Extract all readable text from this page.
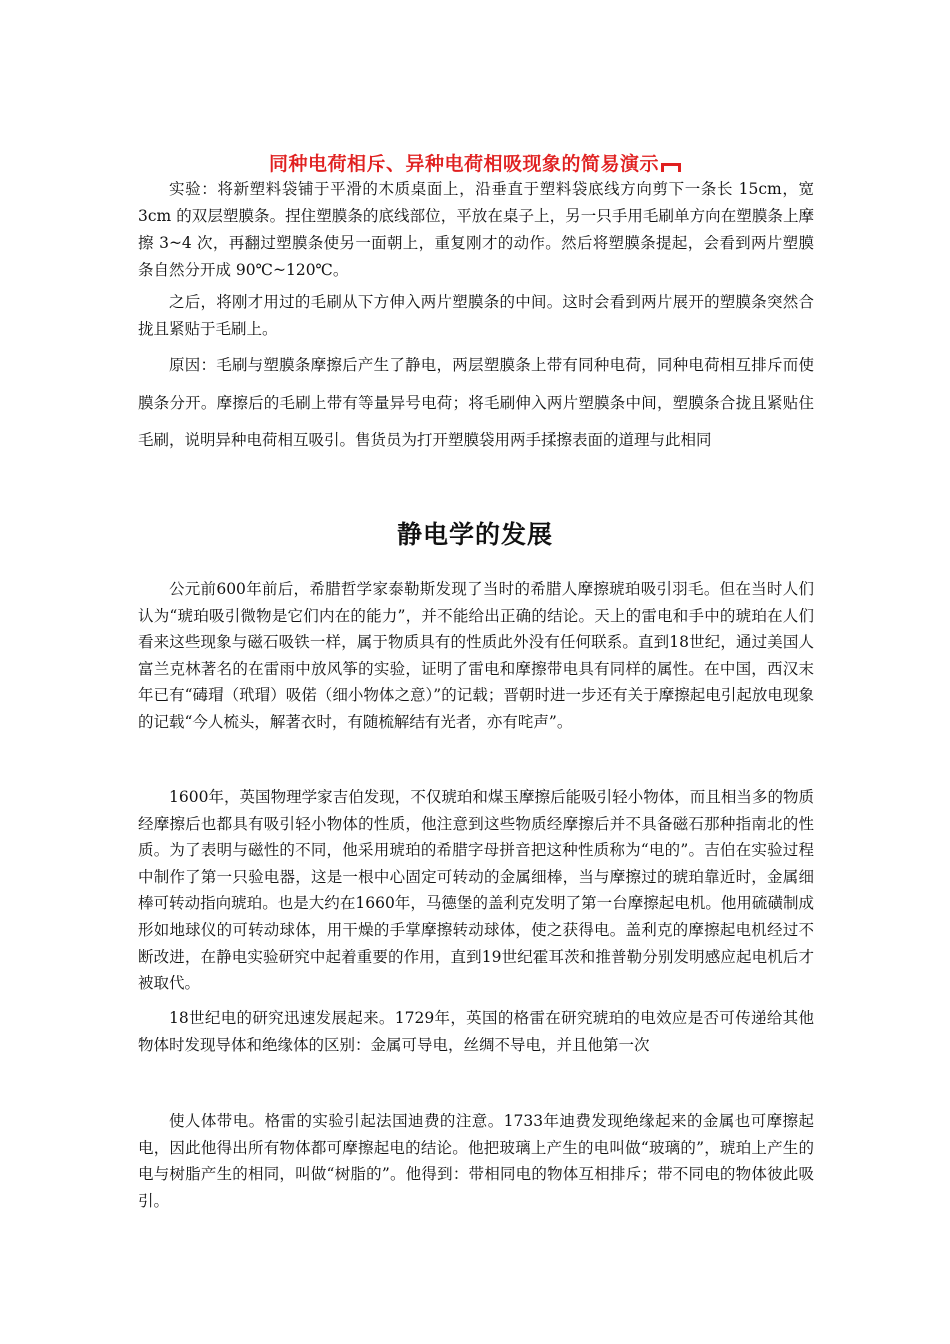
同种电荷相斥、异种电荷相吸现象的简易演示

实验：将新塑料袋铺于平滑的木质桌面上，沿垂直于塑料袋底线方向剪下一条长 15cm，宽 3cm 的双层塑膜条。捏住塑膜条的底线部位，平放在桌子上，另一只手用毛刷单方向在塑膜条上摩擦 3~4 次，再翻过塑膜条使另一面朝上，重复刚才的动作。然后将塑膜条提起，会看到两片塑膜条自然分开成 90℃~120℃。

之后，将刚才用过的毛刷从下方伸入两片塑膜条的中间。这时会看到两片展开的塑膜条突然合拢且紧贴于毛刷上。

原因：毛刷与塑膜条摩擦后产生了静电，两层塑膜条上带有同种电荷，同种电荷相互排斥而使膜条分开。摩擦后的毛刷上带有等量异号电荷；将毛刷伸入两片塑膜条中间，塑膜条合拢且紧贴住毛刷，说明异种电荷相互吸引。售货员为打开塑膜袋用两手揉擦表面的道理与此相同

静电学的发展

公元前600年前后，希腊哲学家泰勒斯发现了当时的希腊人摩擦琥珀吸引羽毛。但在当时人们认为“琥珀吸引微物是它们内在的能力”，并不能给出正确的结论。天上的雷电和手中的琥珀在人们看来这些现象与磁石吸铁一样，属于物质具有的性质此外没有任何联系。直到18世纪，通过美国人富兰克林著名的在雷雨中放风筝的实验，证明了雷电和摩擦带电具有同样的属性。在中国，西汉末年已有“碡瑁（玳瑁）吸偌（细小物体之意）”的记载；晋朝时进一步还有关于摩擦起电引起放电现象的记载“今人梳头，解著衣时，有随梳解结有光者，亦有咤声”。

1600年，英国物理学家吉伯发现，不仅琥珀和煤玉摩擦后能吸引轻小物体，而且相当多的物质经摩擦后也都具有吸引轻小物体的性质，他注意到这些物质经摩擦后并不具备磁石那种指南北的性质。为了表明与磁性的不同，他采用琥珀的希腊字母拼音把这种性质称为“电的”。吉伯在实验过程中制作了第一只验电器，这是一根中心固定可转动的金属细棒，当与摩擦过的琥珀靠近时，金属细棒可转动指向琥珀。也是大约在1660年，马德堡的盖利克发明了第一台摩擦起电机。他用硫磺制成形如地球仪的可转动球体，用干燥的手掌摩擦转动球体，使之获得电。盖利克的摩擦起电机经过不断改进，在静电实验研究中起着重要的作用，直到19世纪霍耳茨和推普勒分别发明感应起电机后才被取代。

18世纪电的研究迅速发展起来。1729年，英国的格雷在研究琥珀的电效应是否可传递给其他物体时发现导体和绝缘体的区别：金属可导电，丝绸不导电，并且他第一次

使人体带电。格雷的实验引起法国迪费的注意。1733年迪费发现绝缘起来的金属也可摩擦起电，因此他得出所有物体都可摩擦起电的结论。他把玻璃上产生的电叫做“玻璃的”，琥珀上产生的电与树脂产生的相同，叫做“树脂的”。他得到：带相同电的物体互相排斥；带不同电的物体彼此吸引。
